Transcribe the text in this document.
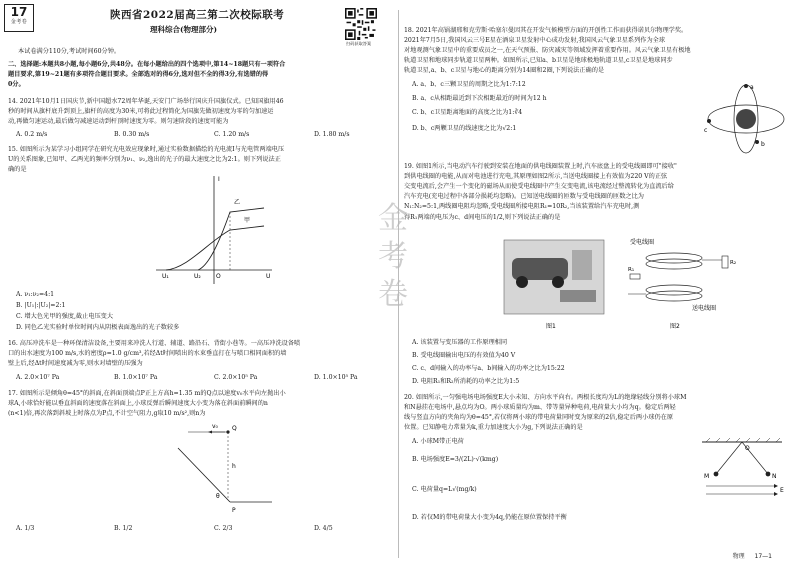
17
金考卷
陕西省2022届高三第二次校际联考
理科综合(物理部分)
扫码获取答案
本试卷满分110分,考试时间60分钟。
二、选择题:本题共8小题,每小题6分,共48分。在每小题给出的四个选项中,第14~18题只有一项符合
题目要求,第19~21题有多项符合题目要求。全部选对的得6分,选对但不全的得3分,有选错的得
0分。
14. 2021年10月1日国庆节,新中国超水72周年华诞,天安门广场举行国庆升国旗仪式。已知国旗用46
秒的时间从旗杆底升到顶上,旗杆的高度为30米,可将此过程简化为国旗先做初速度为零的匀加速运
动,再做匀速运动,最后做匀减速运动到杆顶时速度为零。则匀速阶段的速度可能为
A. 0.2 m/s	B. 0.30 m/s	C. 1.20 m/s	D. 1.80 m/s
15. 如图所示为某学习小组同学在研究光电效应现象时,通过实验数据描绘的光电流I与光电管两端电压
U的关系图象,已知甲、乙两光的频率分别为ν₁、ν₂,逸出的光子的最大速度之比为2:1。则下列说法正
确的是
I
U
乙
甲
O
U₁	U₂
A. ν₁:ν₂=4:1
B. |U₁|:|U₂|=2:1
C. 增大色光甲的强度,截止电压变大
D. 同色乙光实验时单位时间内从阴极表面逸出的光子数较多
16. 高压冲洗车是一种环保清洁设备,主要用来冲洗人行道、辅道、路沿石、背街小巷等。一高压冲洗设备喷
口的出水速度为100 m/s,水的密度ρ=1.0 g/cm³,若经Δt时间喷出的水束垂直打在与喷口相同面积的墙
壁上后,经Δt时间速度减为零,则水对墙壁的压强为
A. 2.0×10⁷ Pa	B. 1.0×10⁷ Pa	C. 2.0×10⁵ Pa	D. 1.0×10⁵ Pa
17. 如图所示是倾角θ=45°的斜面,在斜面顶端点P正上方高h=1.35 m的Q点以速度v₀水平向左抛出小
球A,小球恰好能以垂直斜面的速度落在斜面上,小球反弹后瞬间速度大小变为落在斜面前瞬间的n
(n<1)倍,再次落到斜坡上时落点为P点,不计空气阻力,g取10 m/s²,则n为
Q
v₀
h
θ
P
A. 1/3	B. 1/2	C. 2/3	D. 4/5
18. 2021年高锅湖邢和克劳斯·哈塞尔曼因其在开发气候模型方面的开创性工作而获得诺贝尔物理学奖。
2021年7月5日,我国风云三号E星在酒泉卫星发射中心成功发射,我国风云气象卫星系列作为全球
对地观测气象卫星中的重要成员之一,在天气预报、防灾减灾等领域发挥着重要作用。风云气象卫星有极地
轨道卫星和地球同步轨道卫星两种。如图所示,已知a、b卫星是地球极地轨道卫星,c卫星是地球同步
轨道卫星,a、b、c卫星与地心的距离分别为14圈和2圈,下列说法正确的是
A. a、b、c三颗卫星的周期之比为1:7:12
B. a、c从相距最近到下次相距最近的时间为12 h
C. b、c卫星距离地面的高度之比为1:∛4
D. b、c两颗卫星的线速度之比为√2:1
a
b
c
19. 如图1所示,当电动汽车行驶到安装在地面的供电线圈装置上时,汽车底盘上的受电线圈即可"接收"
到供电线圈的电能,从而对电池进行充电,其原理如图2所示,当送电线圈接上有效值为220 V的正弦
交变电流后,会产生一个变化的磁场从而使受电线圈中产生交变电流,该电流经过整流转化为直流后给
汽车充电(充电过程中各部分损耗均忽略)。已知送电线圈的匝数与受电线圈的匝数之比为
N₁:N₂=5:1,两线圈电阻均忽略,受电线圈所接电阻R₁=10R₂,当该装置给汽车充电时,测
得R₁两端的电压为c、d间电压的1/2,则下列说法正确的是
图1
受电线圈
R₂
R₁
送电线圈
图2
A. 该装置与变压器的工作原理相同
B. 受电线圈输出电压的有效值为40 V
C. c、d间输入的功率与a、b间输入的功率之比为15:22
D. 电阻R₁和R₂所消耗的功率之比为1:5
20. 如图所示,一匀强电场电场强度E大小未知、方向水平向右。两根长度均为L的绝缘轻线分别将小球M
和N悬挂在电场中,悬点均为O。两小球质量均为m、带等量异种电荷,电荷量大小均为q。稳定后两轻
线与竖直方向的夹角均为θ=45°,若仅将两小球的带电荷量同时变为原来的2倍,稳定后两小球仍在原
位置。已知静电力常量为k,重力加速度大小为g,下列说法正确的是
A. 小球M带正电荷
B. 电场强度E=3/(2L)·√(kmg)
C. 电荷量q=L√(mg/k)
D. 若仅M的带电荷量大小变为4q,仍能在原位置保持平衡
O
M	N
E
金
考
卷
物理 17—1
